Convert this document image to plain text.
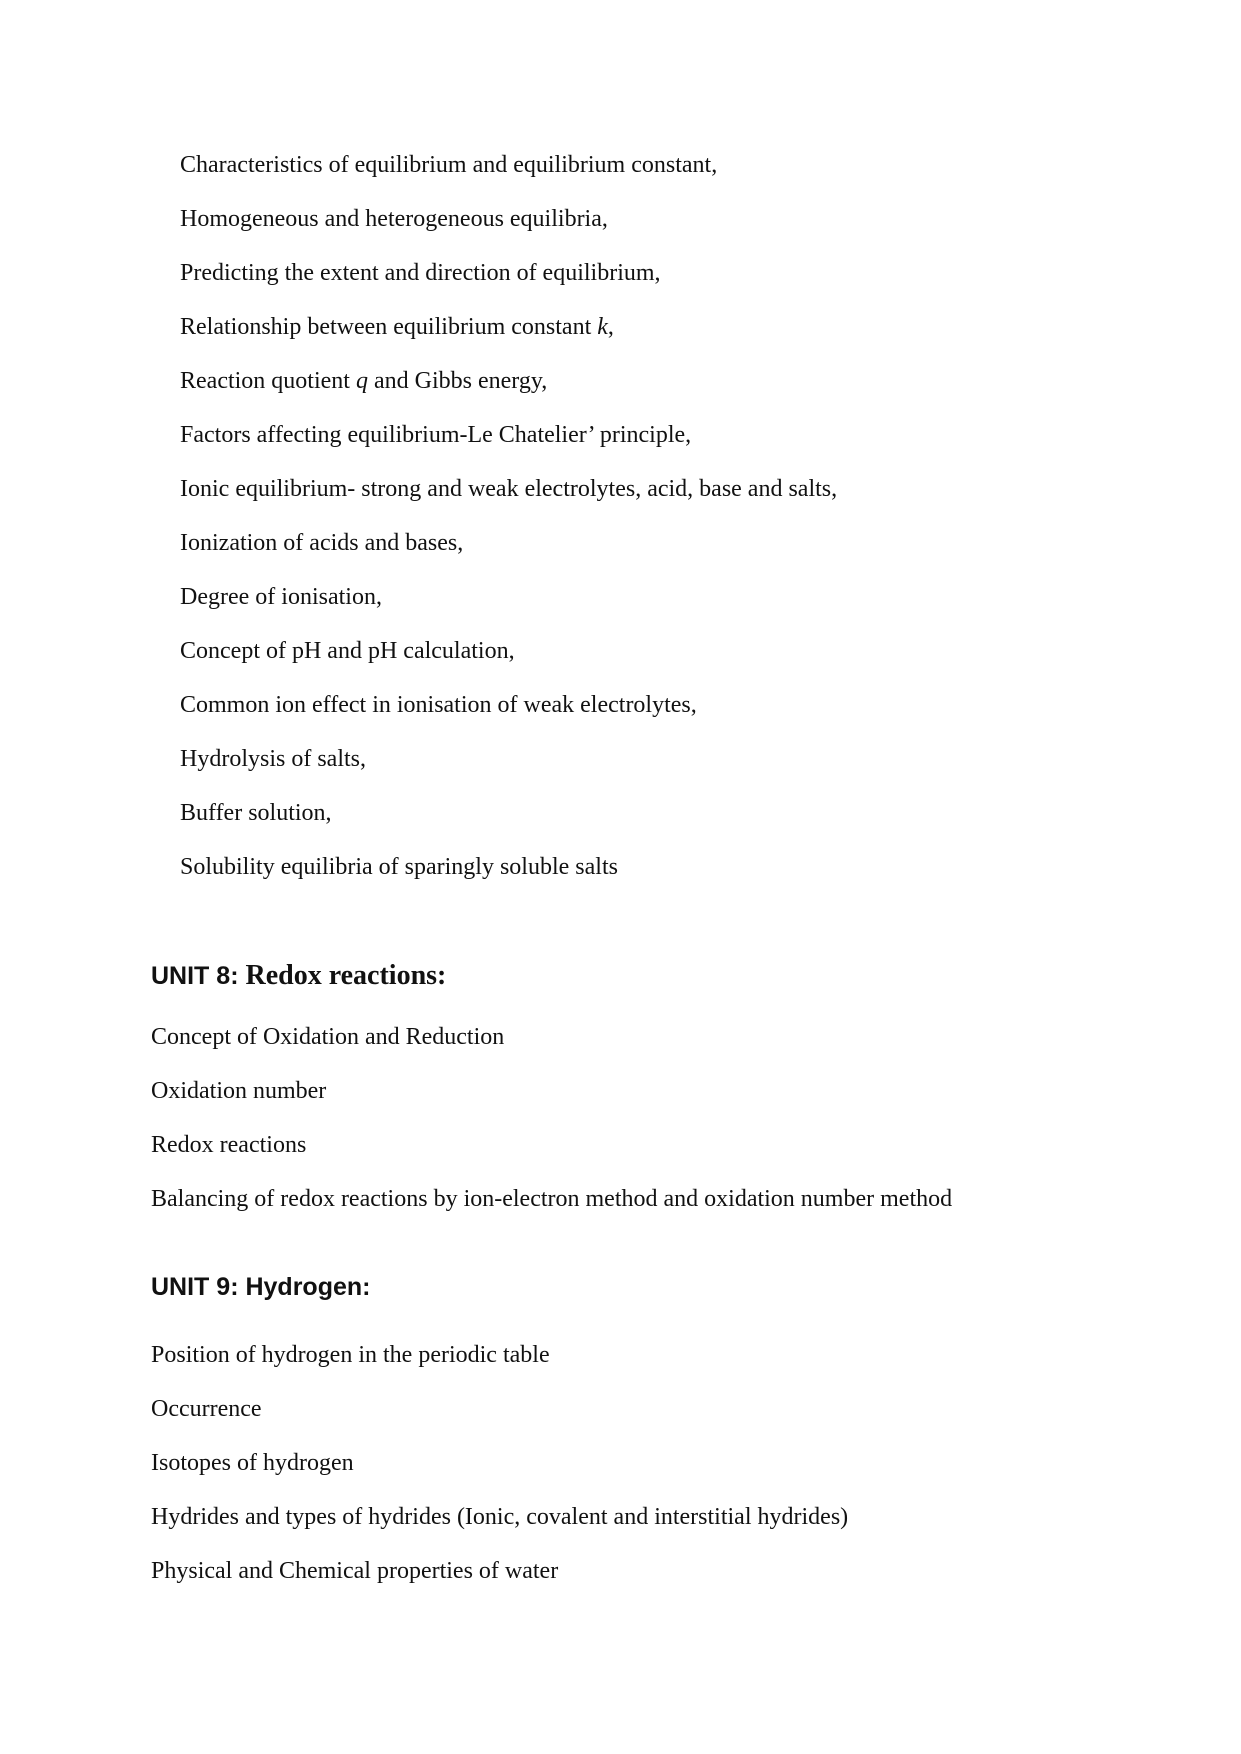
Characteristics of equilibrium and equilibrium constant,
Homogeneous and heterogeneous equilibria,
Predicting the extent and direction of equilibrium,
Relationship between equilibrium constant k,
Reaction quotient q and Gibbs energy,
Factors affecting equilibrium-Le Chatelier’ principle,
Ionic equilibrium- strong and weak electrolytes, acid, base and salts,
Ionization of acids and bases,
Degree of ionisation,
Concept of pH and pH calculation,
Common ion effect in ionisation of weak electrolytes,
Hydrolysis of salts,
Buffer solution,
Solubility equilibria of sparingly soluble salts
UNIT 8: Redox reactions:
Concept of Oxidation and Reduction
Oxidation number
Redox reactions
Balancing of redox reactions by ion-electron method and oxidation number method
UNIT 9: Hydrogen:
Position of hydrogen in the periodic table
Occurrence
Isotopes of hydrogen
Hydrides and types of hydrides (Ionic, covalent and interstitial hydrides)
Physical and Chemical properties of water
